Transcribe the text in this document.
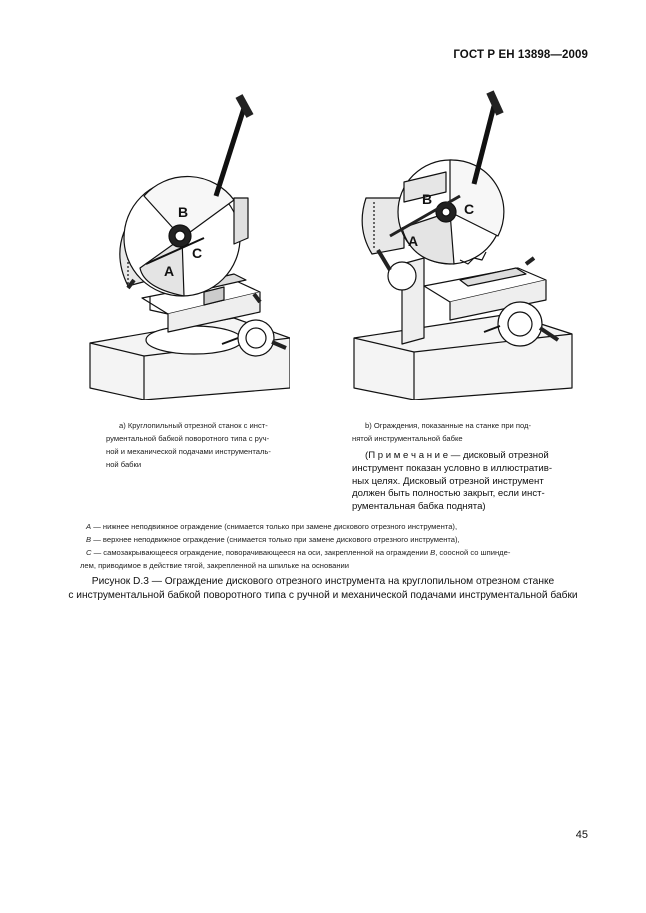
ГОСТ Р ЕН 13898—2009
B
A
C
B
C
A
a) Круглопильный отрезной станок с инст-
рументальной бабкой поворотного типа с руч-
ной и механической подачами инструменталь-
ной бабки
b) Ограждения, показанные на станке при под-
нятой инструментальной бабке
(П р и м е ч а н и е — дисковый отрезной
инструмент показан условно в иллюстратив-
ных целях. Дисковый отрезной инструмент
должен быть полностью закрыт, если инст-
рументальная бабка поднята)
A — нижнее неподвижное ограждение (снимается только при замене дискового отрезного инструмента),
B — верхнее неподвижное ограждение (снимается только при замене дискового отрезного инструмента),
C — самозакрывающееся ограждение, поворачивающееся на оси, закрепленной на ограждении B, соосной со шпинде-
лем, приводимое в действие тягой, закрепленной на шпильке на основании
Рисунок D.3 — Ограждение дискового отрезного инструмента на круглопильном отрезном станке
с инструментальной бабкой поворотного типа с ручной и механической подачами инструментальной бабки
45
